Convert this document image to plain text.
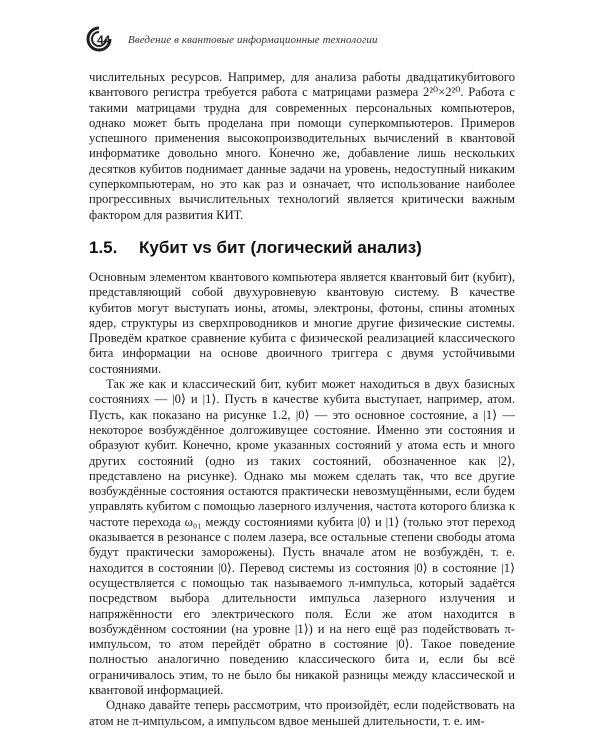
44 Введение в квантовые информационные технологии

числительных ресурсов. Например, для анализа работы двадцатикубитового квантового регистра требуется работа с матрицами размера 2²⁰×2²⁰. Работа с такими матрицами трудна для современных персональных компьютеров, однако может быть проделана при помощи суперкомпьютеров. Примеров успешного применения высокопроизводительных вычислений в квантовой информатике довольно много. Конечно же, добавление лишь нескольких десятков кубитов поднимает данные задачи на уровень, недоступный никаким суперкомпьютерам, но это как раз и означает, что использование наиболее прогрессивных вычислительных технологий является критически важным фактором для развития КИТ.

1.5. Кубит vs бит (логический анализ)

Основным элементом квантового компьютера является квантовый бит (кубит), представляющий собой двухуровневую квантовую систему. В качестве кубитов могут выступать ионы, атомы, электроны, фотоны, спины атомных ядер, структуры из сверхпроводников и многие другие физические системы. Проведём краткое сравнение кубита с физической реализацией классического бита информации на основе двоичного триггера с двумя устойчивыми состояниями.

Так же как и классический бит, кубит может находиться в двух базисных состояниях — |0⟩ и |1⟩. Пусть в качестве кубита выступает, например, атом. Пусть, как показано на рисунке 1.2, |0⟩ — это основное состояние, а |1⟩ — некоторое возбуждённое долгоживущее состояние. Именно эти состояния и образуют кубит. Конечно, кроме указанных состояний у атома есть и много других состояний (одно из таких состояний, обозначенное как |2⟩, представлено на рисунке). Однако мы можем сделать так, что все другие возбуждённые состояния остаются практически невозмущёнными, если будем управлять кубитом с помощью лазерного излучения, частота которого близка к частоте перехода ω₀₁ между состояниями кубита |0⟩ и |1⟩ (только этот переход оказывается в резонансе с полем лазера, все остальные степени свободы атома будут практически заморожены). Пусть вначале атом не возбуждён, т. е. находится в состоянии |0⟩. Перевод системы из состояния |0⟩ в состояние |1⟩ осуществляется с помощью так называемого π-импульса, который задаётся посредством выбора длительности импульса лазерного излучения и напряжённости его электрического поля. Если же атом находится в возбуждённом состоянии (на уровне |1⟩) и на него ещё раз подействовать π-импульсом, то атом перейдёт обратно в состояние |0⟩. Такое поведение полностью аналогично поведению классического бита и, если бы всё ограничивалось этим, то не было бы никакой разницы между классической и квантовой информацией.

Однако давайте теперь рассмотрим, что произойдёт, если подействовать на атом не π-импульсом, а импульсом вдвое меньшей длительности, т. е. им-
